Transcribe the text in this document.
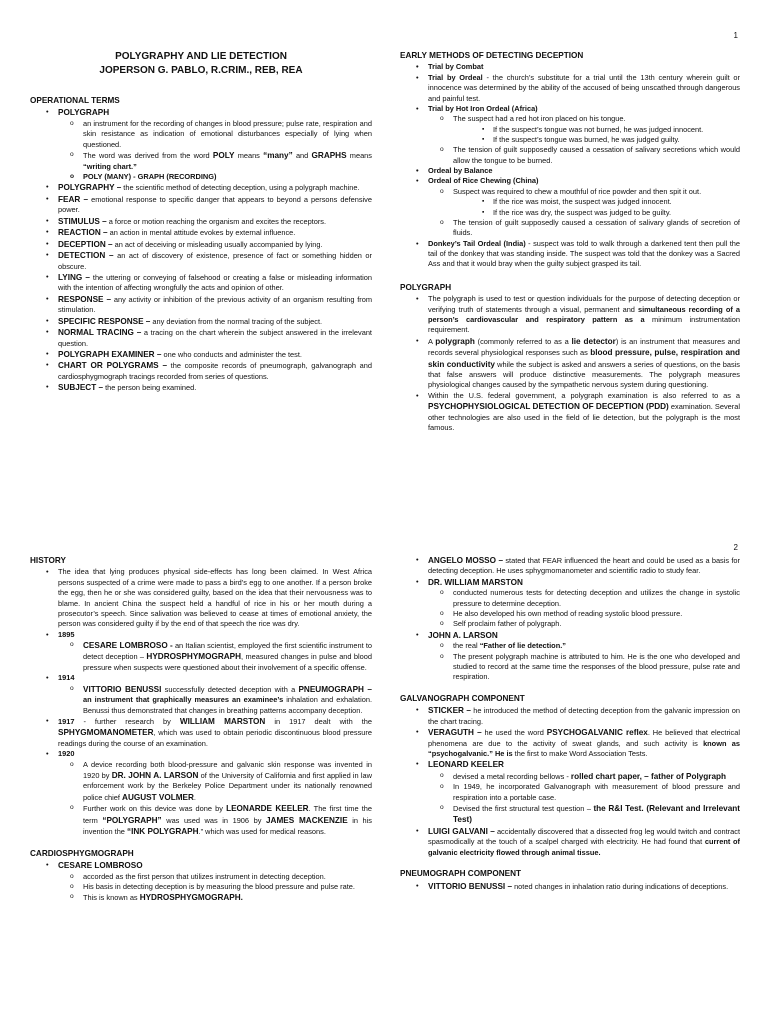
1
POLYGRAPHY AND LIE DETECTION
JOPERSON G. PABLO, R.CRIM., REB, REA
OPERATIONAL TERMS
• POLYGRAPH
o an instrument for the recording of changes in blood pressure; pulse rate, respiration and skin resistance as indication of emotional disturbances especially of lying when questioned.
o The word was derived from the word POLY means “many” and GRAPHS means “writing chart.”
o POLY (MANY) - GRAPH (RECORDING)
• POLYGRAPHY – the scientific method of detecting deception, using a polygraph machine.
• FEAR – emotional response to specific danger that appears to beyond a persons defensive power.
• STIMULUS – a force or motion reaching the organism and excites the receptors.
• REACTION – an action in mental attitude evokes by external influence.
• DECEPTION – an act of deceiving or misleading usually accompanied by lying.
• DETECTION – an act of discovery of existence, presence of fact or something hidden or obscure.
• LYING – the uttering or conveying of falsehood or creating a false or misleading information with the intention of affecting wrongfully the acts and opinion of other.
• RESPONSE – any activity or inhibition of the previous activity of an organism resulting from stimulation.
• SPECIFIC RESPONSE – any deviation from the normal tracing of the subject.
• NORMAL TRACING – a tracing on the chart wherein the subject answered in the irrelevant question.
• POLYGRAPH EXAMINER – one who conducts and administer the test.
• CHART OR POLYGRAMS – the composite records of pneumograph, galvanograph and cardiosphygmograph tracings recorded from series of questions.
• SUBJECT – the person being examined.
EARLY METHODS OF DETECTING DECEPTION
• Trial by Combat
• Trial by Ordeal - the church’s substitute for a trial until the 13th century wherein guilt or innocence was determined by the ability of the accused of being unscathed through dangerous and painful test.
• Trial by Hot Iron Ordeal (Africa)
o The suspect had a red hot iron placed on his tongue.
▪ If the suspect’s tongue was not burned, he was judged innocent.
▪ If the suspect’s tongue was burned, he was judged guilty.
o The tension of guilt supposedly caused a cessation of salivary secretions which would allow the tongue to be burned.
• Ordeal by Balance
• Ordeal of Rice Chewing (China)
o Suspect was required to chew a mouthful of rice powder and then spit it out.
▪ If the rice was moist, the suspect was judged innocent.
▪ If the rice was dry, the suspect was judged to be guilty.
o The tension of guilt supposedly caused a cessation of salivary glands of secretion of fluids.
• Donkey’s Tail Ordeal (India) - suspect was told to walk through a darkened tent then pull the tail of the donkey that was standing inside. The suspect was told that the donkey was a Sacred Ass and that it would bray when the guilty subject grasped its tail.
POLYGRAPH
• The polygraph is used to test or question individuals for the purpose of detecting deception or verifying truth of statements through a visual, permanent and simultaneous recording of a person’s cardiovascular and respiratory pattern as a minimum instrumentation requirement.
• A polygraph (commonly referred to as a lie detector) is an instrument that measures and records several physiological responses such as blood pressure, pulse, respiration and skin conductivity while the subject is asked and answers a series of questions, on the basis that false answers will produce distinctive measurements. The polygraph measures physiological changes caused by the sympathetic nervous system during questioning.
• Within the U.S. federal government, a polygraph examination is also referred to as a PSYCHOPHYSIOLOGICAL DETECTION OF DECEPTION (PDD) examination. Several other technologies are also used in the field of lie detection, but the polygraph is the most famous.
2
HISTORY
• The idea that lying produces physical side-effects has long been claimed. In West Africa persons suspected of a crime were made to pass a bird’s egg to one another. If a person broke the egg, then he or she was considered guilty, based on the idea that their nervousness was to blame. In ancient China the suspect held a handful of rice in his or her mouth during a prosecutor’s speech. Since salivation was believed to cease at times of emotional anxiety, the person was considered guilty if by the end of that speech the rice was dry.
• 1895
o CESARE LOMBROSO - an Italian scientist, employed the first scientific instrument to detect deception – HYDROSPHYMOGRAPH, measured changes in pulse and blood pressure when suspects were questioned about their involvement of a specific offense.
• 1914
o VITTORIO BENUSSI successfully detected deception with a PNEUMOGRAPH – an instrument that graphically measures an examinee’s inhalation and exhalation. Benussi thus demonstrated that changes in breathing patterns accompany deception.
• 1917 - further research by WILLIAM MARSTON in 1917 dealt with the SPHYGMOMANOMETER, which was used to obtain periodic discontinuous blood pressure readings during the course of an examination.
• 1920
o A device recording both blood-pressure and galvanic skin response was invented in 1920 by DR. JOHN A. LARSON of the University of California and first applied in law enforcement work by the Berkeley Police Department under its nationally renowned police chief AUGUST VOLMER.
o Further work on this device was done by LEONARDE KEELER. The first time the term “POLYGRAPH” was used was in 1906 by JAMES MACKENZIE in his invention the “INK POLYGRAPH.” which was used for medical reasons.
CARDIOSPHYGMOGRAPH
• CESARE LOMBROSO
o accorded as the first person that utilizes instrument in detecting deception.
o His basis in detecting deception is by measuring the blood pressure and pulse rate.
o This is known as HYDROSPHYGMOGRAPH.
• ANGELO MOSSO – stated that FEAR influenced the heart and could be used as a basis for detecting deception. He uses sphygmomanometer and scientific radio to study fear.
• DR. WILLIAM MARSTON
o conducted numerous tests for detecting deception and utilizes the change in systolic pressure to determine deception.
o He also developed his own method of reading systolic blood pressure.
o Self proclaim father of polygraph.
• JOHN A. LARSON
o the real “Father of lie detection.”
o The present polygraph machine is attributed to him. He is the one who developed and studied to record at the same time the responses of the blood pressure, pulse rate and respiration.
GALVANOGRAPH COMPONENT
• STICKER – he introduced the method of detecting deception from the galvanic impression on the chart tracing.
• VERAGUTH – he used the word PSYCHOGALVANIC reflex. He believed that electrical phenomena are due to the activity of sweat glands, and such activity is known as “psychogalvanic.” He is the first to make Word Association Tests.
• LEONARD KEELER
o devised a metal recording bellows - rolled chart paper, – father of Polygraph
o In 1949, he incorporated Galvanograph with measurement of blood pressure and respiration into a portable case.
o Devised the first structural test question – the R&I Test. (Relevant and Irrelevant Test)
• LUIGI GALVANI – accidentally discovered that a dissected frog leg would twitch and contract spasmodically at the touch of a scalpel charged with electricity. He had found that current of galvanic electricity flowed through animal tissue.
PNEUMOGRAPH COMPONENT
• VITTORIO BENUSSI – noted changes in inhalation ratio during indications of deceptions.
